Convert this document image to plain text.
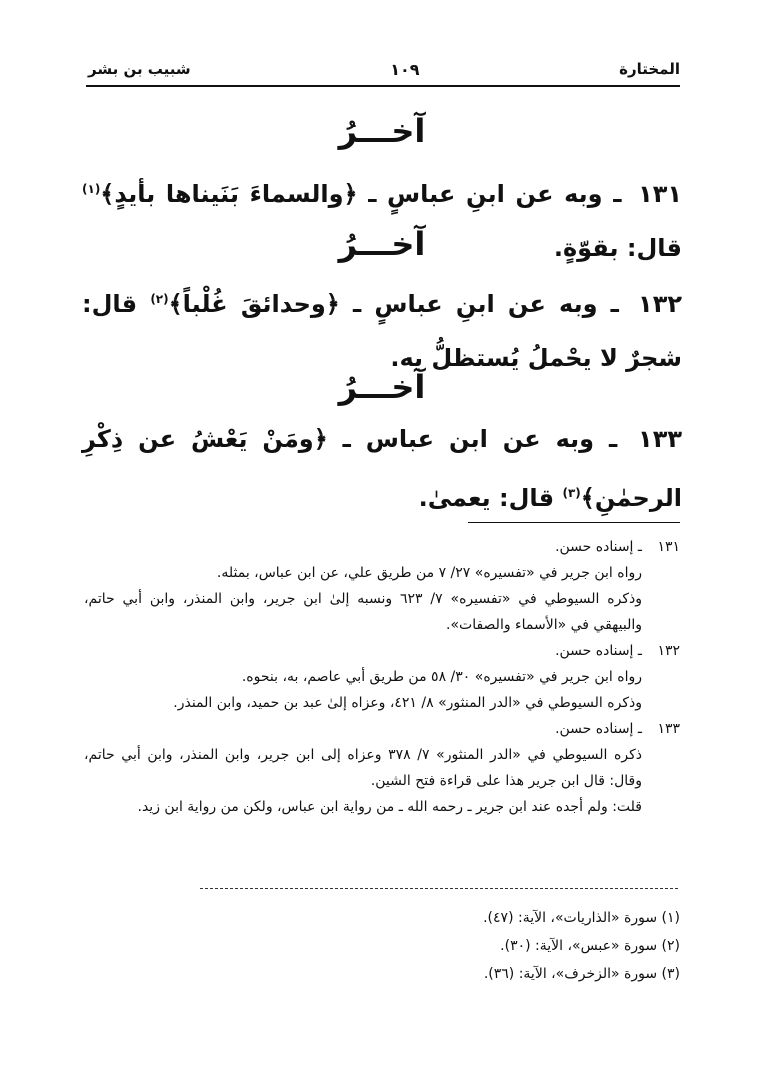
المختارة
١٠٩
شبيب بن بشر
آخـــرُ
١٣١ ـ وبه عن ابنِ عباسٍ ـ ﴿والسماءَ بَنَيناها بأيدٍ﴾$^{(١)}$ قال: بقوّةٍ.
آخـــرُ
١٣٢ ـ وبه عن ابنِ عباسٍ ـ ﴿وحدائقَ غُلْباً﴾$^{(٢)}$ قال: شجرٌ لا يحْملُ يُستظلُّ به.
آخـــرُ
١٣٣ ـ وبه عن ابن عباس ـ ﴿ومَنْ يَعْشُ عن ذِكْرِ الرحمٰنِ﴾$^{(٣)}$ قال: يعمىٰ.
١٣١
ـ إسناده حسن.
رواه ابن جرير في «تفسيره» ٢٧/ ٧ من طريق علي، عن ابن عباس، بمثله.
وذكره السيوطي في «تفسيره» ٧/ ٦٢٣ ونسبه إلىٰ ابن جرير، وابن المنذر، وابن أبي حاتم، والبيهقي في «الأسماء والصفات».
١٣٢
ـ إسناده حسن.
رواه ابن جرير في «تفسيره» ٣٠/ ٥٨ من طريق أبي عاصم، به، بنحوه.
وذكره السيوطي في «الدر المنثور» ٨/ ٤٢١، وعزاه إلىٰ عبد بن حميد، وابن المنذر.
١٣٣
ـ إسناده حسن.
ذكره السيوطي في «الدر المنثور» ٧/ ٣٧٨ وعزاه إلى ابن جرير، وابن المنذر، وابن أبي حاتم، وقال: قال ابن جرير هذا على قراءة فتح الشين.
قلت: ولم أجده عند ابن جرير ـ رحمه الله ـ من رواية ابن عباس، ولكن من رواية ابن زيد.
(١) سورة «الذاريات»، الآية: (٤٧).
(٢) سورة «عبس»، الآية: (٣٠).
(٣) سورة «الزخرف»، الآية: (٣٦).
